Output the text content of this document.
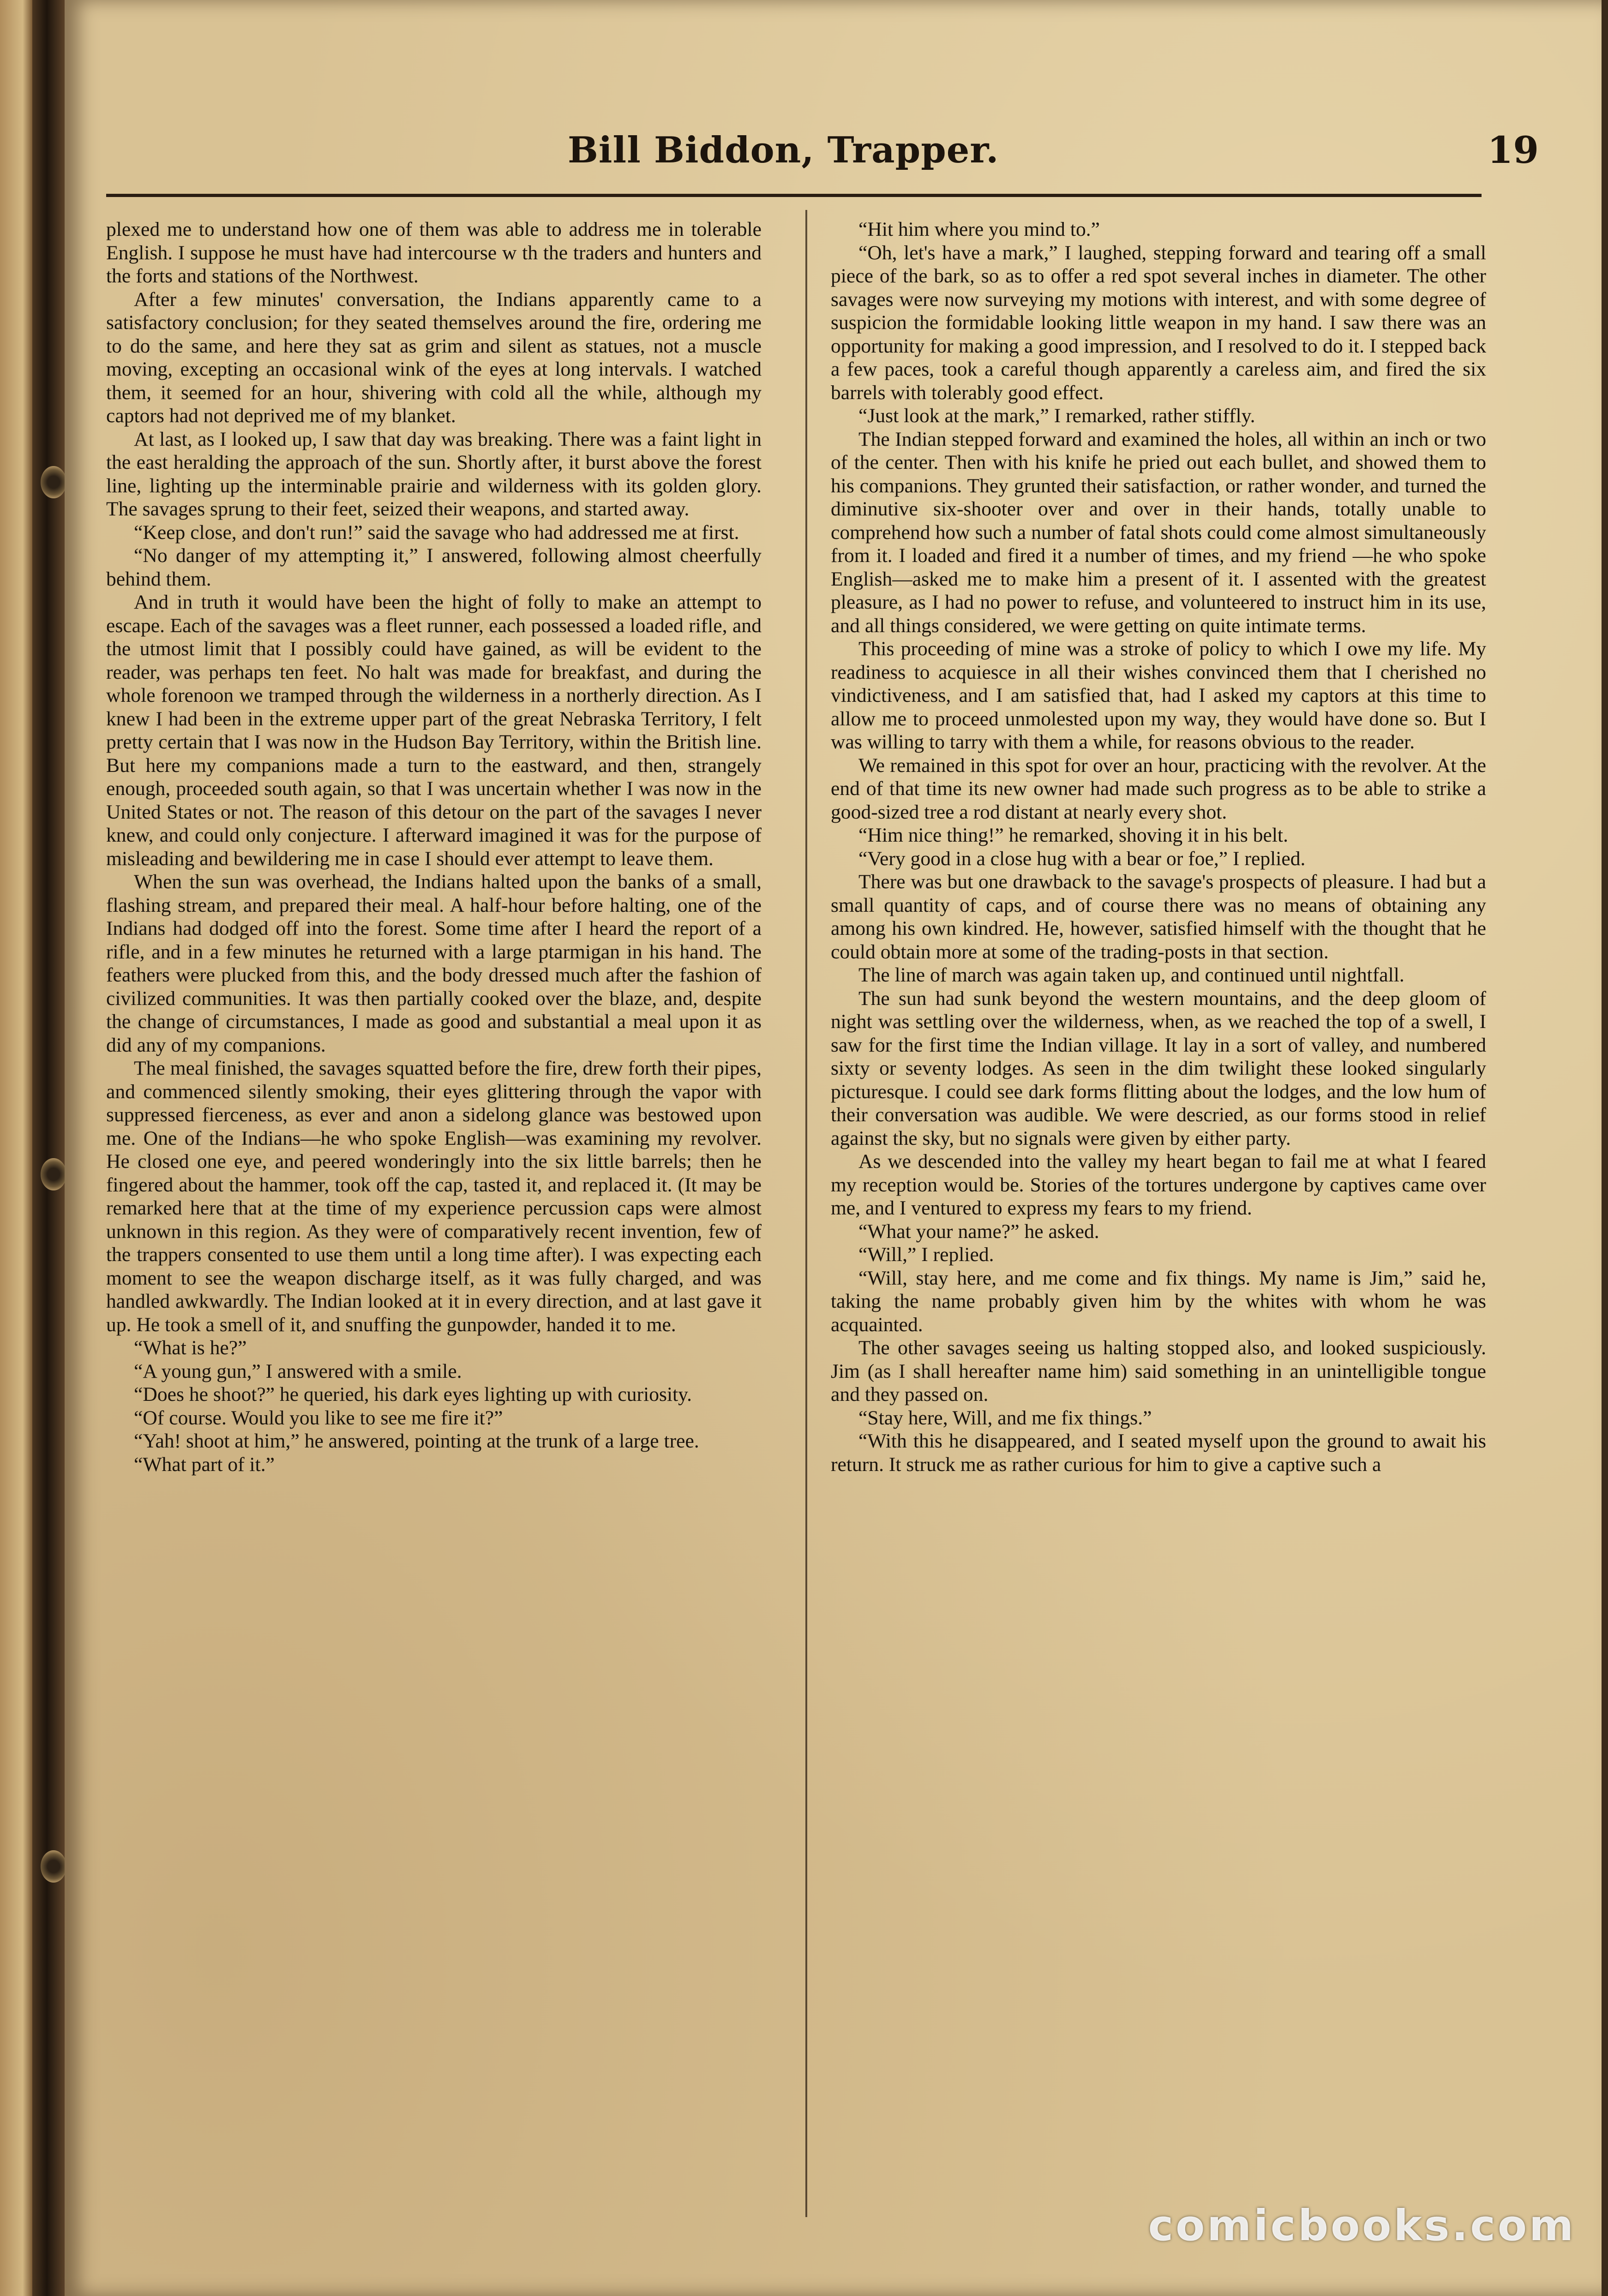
Bill Biddon, Trapper.	19

plexed me to understand how one of them was able to address me in tolerable English. I suppose he must have had intercourse w th the traders and hunters and the forts and stations of the Northwest.

After a few minutes' conversation, the Indians apparently came to a satisfactory conclusion; for they seated themselves around the fire, ordering me to do the same, and here they sat as grim and silent as statues, not a muscle moving, excepting an occasional wink of the eyes at long intervals. I watched them, it seemed for an hour, shivering with cold all the while, although my captors had not deprived me of my blanket.

At last, as I looked up, I saw that day was breaking. There was a faint light in the east heralding the approach of the sun. Shortly after, it burst above the forest line, lighting up the interminable prairie and wilderness with its golden glory. The savages sprung to their feet, seized their weapons, and started away.

“Keep close, and don't run!” said the savage who had addressed me at first.

“No danger of my attempting it,” I answered, following almost cheerfully behind them.

And in truth it would have been the hight of folly to make an attempt to escape. Each of the savages was a fleet runner, each possessed a loaded rifle, and the utmost limit that I possibly could have gained, as will be evident to the reader, was perhaps ten feet. No halt was made for breakfast, and during the whole forenoon we tramped through the wilderness in a northerly direction. As I knew I had been in the extreme upper part of the great Nebraska Territory, I felt pretty certain that I was now in the Hudson Bay Territory, within the British line. But here my companions made a turn to the eastward, and then, strangely enough, proceeded south again, so that I was uncertain whether I was now in the United States or not. The reason of this detour on the part of the savages I never knew, and could only conjecture. I afterward imagined it was for the purpose of misleading and bewildering me in case I should ever attempt to leave them.

When the sun was overhead, the Indians halted upon the banks of a small, flashing stream, and prepared their meal. A half-hour before halting, one of the Indians had dodged off into the forest. Some time after I heard the report of a rifle, and in a few minutes he returned with a large ptarmigan in his hand. The feathers were plucked from this, and the body dressed much after the fashion of civilized communities. It was then partially cooked over the blaze, and, despite the change of circumstances, I made as good and substantial a meal upon it as did any of my companions.

The meal finished, the savages squatted before the fire, drew forth their pipes, and commenced silently smoking, their eyes glittering through the vapor with suppressed fierceness, as ever and anon a sidelong glance was bestowed upon me. One of the Indians—he who spoke English—was examining my revolver. He closed one eye, and peered wonderingly into the six little barrels; then he fingered about the hammer, took off the cap, tasted it, and replaced it. (It may be remarked here that at the time of my experience percussion caps were almost unknown in this region. As they were of comparatively recent invention, few of the trappers consented to use them until a long time after). I was expecting each moment to see the weapon discharge itself, as it was fully charged, and was handled awkwardly. The Indian looked at it in every direction, and at last gave it up. He took a smell of it, and snuffing the gunpowder, handed it to me.

“What is he?”

“A young gun,” I answered with a smile.

“Does he shoot?” he queried, his dark eyes lighting up with curiosity.

“Of course. Would you like to see me fire it?”

“Yah! shoot at him,” he answered, pointing at the trunk of a large tree.

“What part of it.”

“Hit him where you mind to.”

“Oh, let's have a mark,” I laughed, stepping forward and tearing off a small piece of the bark, so as to offer a red spot several inches in diameter. The other savages were now surveying my motions with interest, and with some degree of suspicion the formidable looking little weapon in my hand. I saw there was an opportunity for making a good impression, and I resolved to do it. I stepped back a few paces, took a careful though apparently a careless aim, and fired the six barrels with tolerably good effect.

“Just look at the mark,” I remarked, rather stiffly.

The Indian stepped forward and examined the holes, all within an inch or two of the center. Then with his knife he pried out each bullet, and showed them to his companions. They grunted their satisfaction, or rather wonder, and turned the diminutive six-shooter over and over in their hands, totally unable to comprehend how such a number of fatal shots could come almost simultaneously from it. I loaded and fired it a number of times, and my friend —he who spoke English—asked me to make him a present of it. I assented with the greatest pleasure, as I had no power to refuse, and volunteered to instruct him in its use, and all things considered, we were getting on quite intimate terms.

This proceeding of mine was a stroke of policy to which I owe my life. My readiness to acquiesce in all their wishes convinced them that I cherished no vindictiveness, and I am satisfied that, had I asked my captors at this time to allow me to proceed unmolested upon my way, they would have done so. But I was willing to tarry with them a while, for reasons obvious to the reader.

We remained in this spot for over an hour, practicing with the revolver. At the end of that time its new owner had made such progress as to be able to strike a good-sized tree a rod distant at nearly every shot.

“Him nice thing!” he remarked, shoving it in his belt.

“Very good in a close hug with a bear or foe,” I replied.

There was but one drawback to the savage's prospects of pleasure. I had but a small quantity of caps, and of course there was no means of obtaining any among his own kindred. He, however, satisfied himself with the thought that he could obtain more at some of the trading-posts in that section.

The line of march was again taken up, and continued until nightfall.

The sun had sunk beyond the western mountains, and the deep gloom of night was settling over the wilderness, when, as we reached the top of a swell, I saw for the first time the Indian village. It lay in a sort of valley, and numbered sixty or seventy lodges. As seen in the dim twilight these looked singularly picturesque. I could see dark forms flitting about the lodges, and the low hum of their conversation was audible. We were descried, as our forms stood in relief against the sky, but no signals were given by either party.

As we descended into the valley my heart began to fail me at what I feared my reception would be. Stories of the tortures undergone by captives came over me, and I ventured to express my fears to my friend.

“What your name?” he asked.

“Will,” I replied.

“Will, stay here, and me come and fix things. My name is Jim,” said he, taking the name probably given him by the whites with whom he was acquainted.

The other savages seeing us halting stopped also, and looked suspiciously. Jim (as I shall hereafter name him) said something in an unintelligible tongue and they passed on.

“Stay here, Will, and me fix things.”

“With this he disappeared, and I seated myself upon the ground to await his return. It struck me as rather curious for him to give a captive such a

comicbooks.com
